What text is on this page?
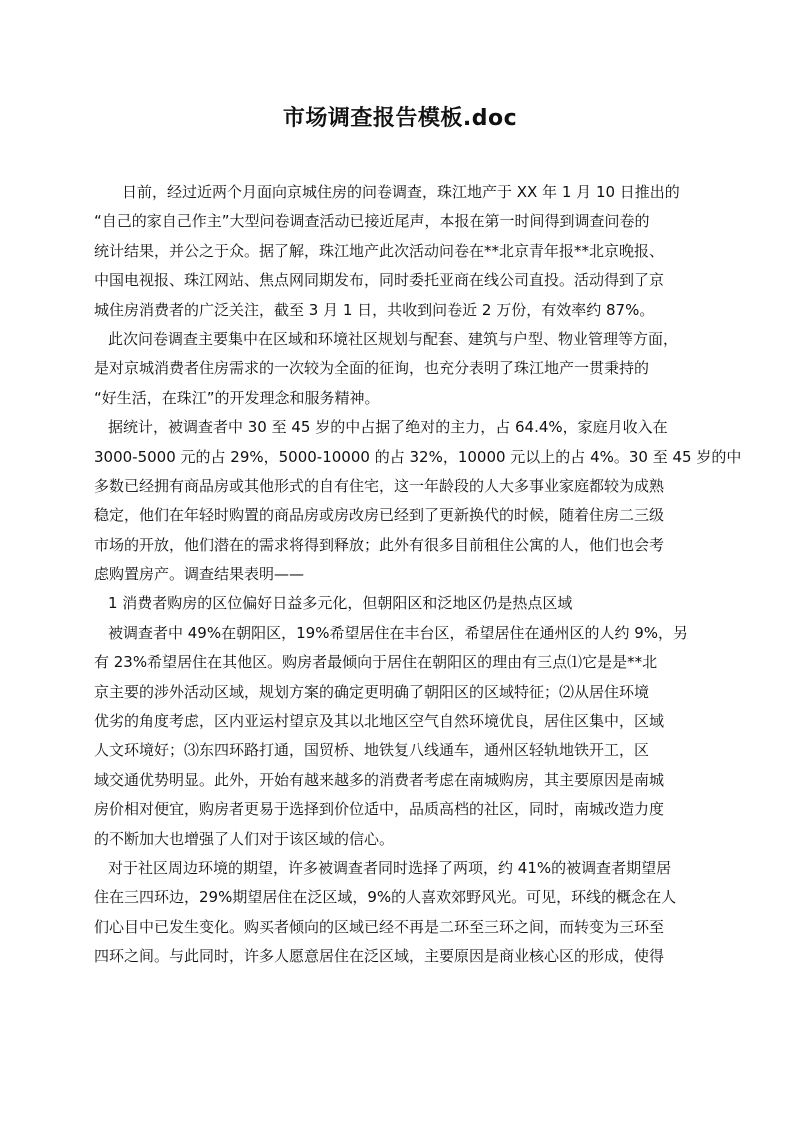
市场调查报告模板.doc
日前，经过近两个月面向京城住房的问卷调查，珠江地产于 XX 年 1 月 10 日推出的
“自己的家自己作主”大型问卷调查活动已接近尾声，本报在第一时间得到调查问卷的
统计结果，并公之于众。据了解，珠江地产此次活动问卷在**北京青年报**北京晚报、
中国电视报、珠江网站、焦点网同期发布，同时委托亚商在线公司直投。活动得到了京
城住房消费者的广泛关注，截至 3 月 1 日，共收到问卷近 2 万份，有效率约 87%。
此次问卷调查主要集中在区域和环境社区规划与配套、建筑与户型、物业管理等方面，
是对京城消费者住房需求的一次较为全面的征询，也充分表明了珠江地产一贯秉持的
“好生活，在珠江”的开发理念和服务精神。
据统计，被调查者中 30 至 45 岁的中占据了绝对的主力，占 64.4%，家庭月收入在
3000-5000 元的占 29%，5000-10000 的占 32%，10000 元以上的占 4%。30 至 45 岁的中
多数已经拥有商品房或其他形式的自有住宅，这一年龄段的人大多事业家庭都较为成熟
稳定，他们在年轻时购置的商品房或房改房已经到了更新换代的时候，随着住房二三级
市场的开放，他们潜在的需求将得到释放；此外有很多目前租住公寓的人，他们也会考
虑购置房产。调查结果表明——
1 消费者购房的区位偏好日益多元化，但朝阳区和泛地区仍是热点区域
被调查者中 49%在朝阳区，19%希望居住在丰台区，希望居住在通州区的人约 9%，另
有 23%希望居住在其他区。购房者最倾向于居住在朝阳区的理由有三点⑴它是是**北
京主要的涉外活动区域，规划方案的确定更明确了朝阳区的区域特征；⑵从居住环境
优劣的角度考虑，区内亚运村望京及其以北地区空气自然环境优良，居住区集中，区域
人文环境好；⑶东四环路打通，国贸桥、地铁复八线通车，通州区轻轨地铁开工，区
域交通优势明显。此外，开始有越来越多的消费者考虑在南城购房，其主要原因是南城
房价相对便宜，购房者更易于选择到价位适中，品质高档的社区，同时，南城改造力度
的不断加大也增强了人们对于该区域的信心。
对于社区周边环境的期望，许多被调查者同时选择了两项，约 41%的被调查者期望居
住在三四环边，29%期望居住在泛区域，9%的人喜欢郊野风光。可见，环线的概念在人
们心目中已发生变化。购买者倾向的区域已经不再是二环至三环之间，而转变为三环至
四环之间。与此同时，许多人愿意居住在泛区域，主要原因是商业核心区的形成，使得
